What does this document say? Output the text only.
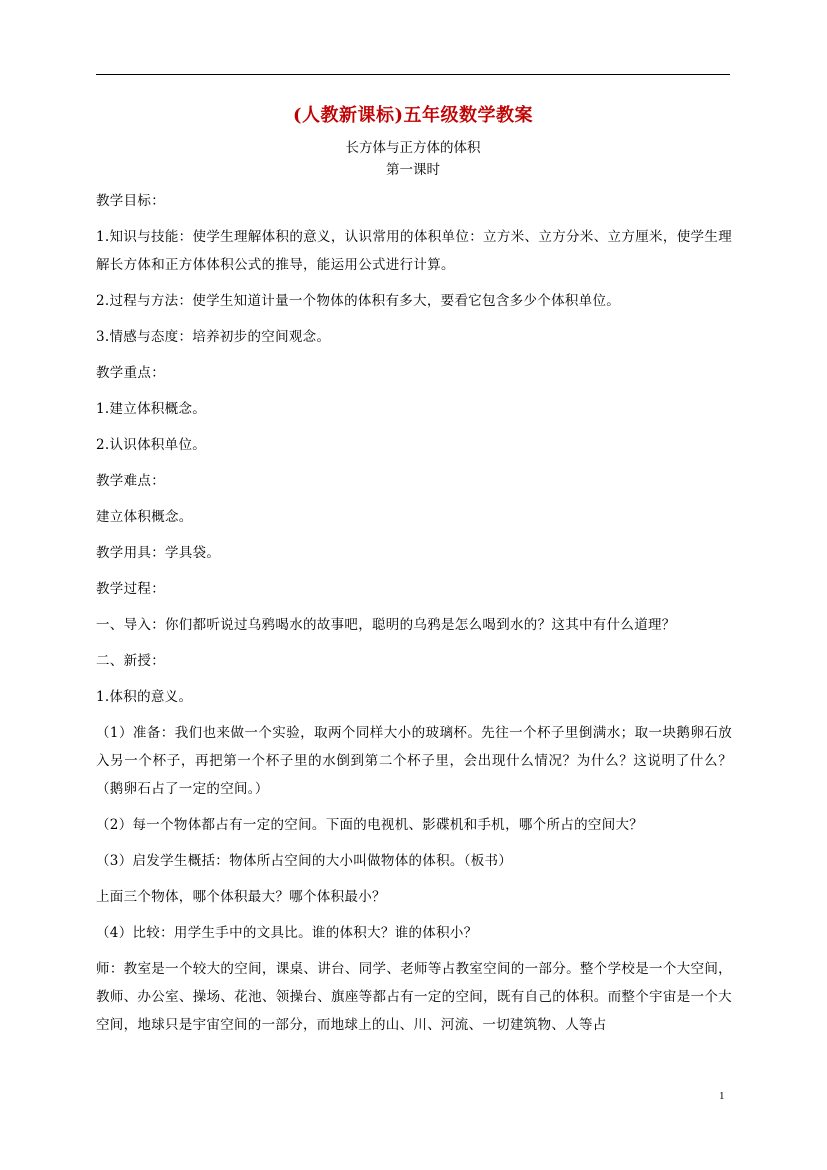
(人教新课标)五年级数学教案
长方体与正方体的体积
第一课时

教学目标：

1.知识与技能：使学生理解体积的意义，认识常用的体积单位：立方米、立方分米、立方厘米，使学生理解长方体和正方体体积公式的推导，能运用公式进行计算。

2.过程与方法：使学生知道计量一个物体的体积有多大，要看它包含多少个体积单位。

3.情感与态度：培养初步的空间观念。

教学重点：

1.建立体积概念。

2.认识体积单位。

教学难点：

建立体积概念。

教学用具：学具袋。

教学过程：

一、导入：你们都听说过乌鸦喝水的故事吧，聪明的乌鸦是怎么喝到水的？这其中有什么道理？

二、新授：

1.体积的意义。

（1）准备：我们也来做一个实验，取两个同样大小的玻璃杯。先往一个杯子里倒满水；取一块鹅卵石放入另一个杯子，再把第一个杯子里的水倒到第二个杯子里，会出现什么情况？为什么？这说明了什么？（鹅卵石占了一定的空间。）

（2）每一个物体都占有一定的空间。下面的电视机、影碟机和手机，哪个所占的空间大？

（3）启发学生概括：物体所占空间的大小叫做物体的体积。（板书）

上面三个物体，哪个体积最大？哪个体积最小？

（4）比较：用学生手中的文具比。谁的体积大？谁的体积小？

师：教室是一个较大的空间，课桌、讲台、同学、老师等占教室空间的一部分。整个学校是一个大空间，教师、办公室、操场、花池、领操台、旗座等都占有一定的空间，既有自己的体积。而整个宇宙是一个大空间，地球只是宇宙空间的一部分，而地球上的山、川、河流、一切建筑物、人等占

1
